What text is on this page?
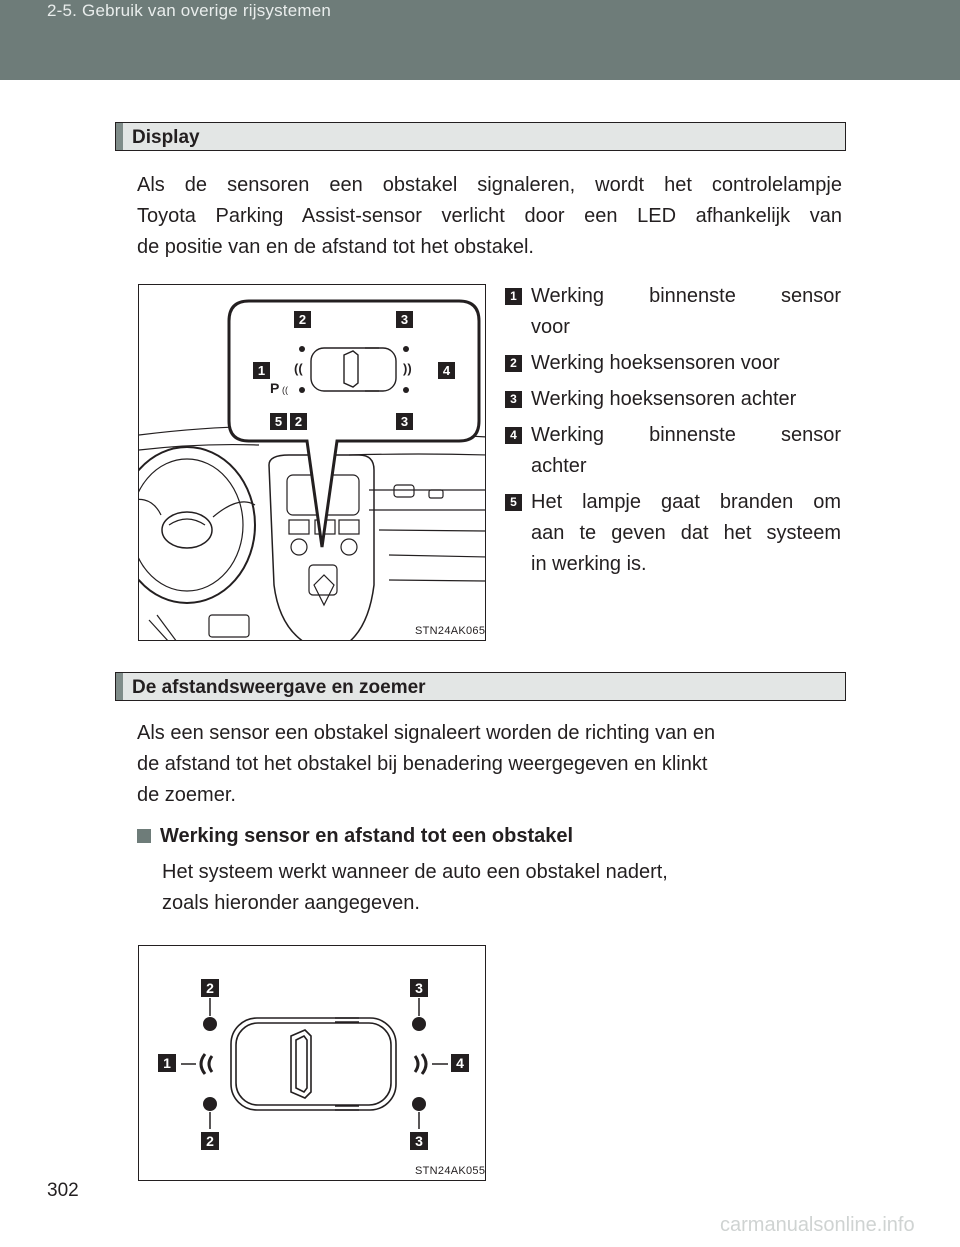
2-5. Gebruik van overige rijsystemen
Display
Als de sensoren een obstakel signaleren, wordt het controlelampje
Toyota Parking Assist-sensor verlicht door een LED afhankelijk van
de positie van en de afstand tot het obstakel.
((	))
P ((
1
2	3
4
5 2	3
STN24AK065
1 Werking binnenste sensor
voor
2 Werking hoeksensoren voor
3 Werking hoeksensoren achter
4 Werking binnenste sensor
achter
5 Het lampje gaat branden om
aan te geven dat het systeem
in werking is.
De afstandsweergave en zoemer
Als een sensor een obstakel signaleert worden de richting van en
de afstand tot het obstakel bij benadering weergegeven en klinkt
de zoemer.
Werking sensor en afstand tot een obstakel
Het systeem werkt wanneer de auto een obstakel nadert,
zoals hieronder aangegeven.
2	3
1	4
2	3
STN24AK055
302
carmanualsonline.info
